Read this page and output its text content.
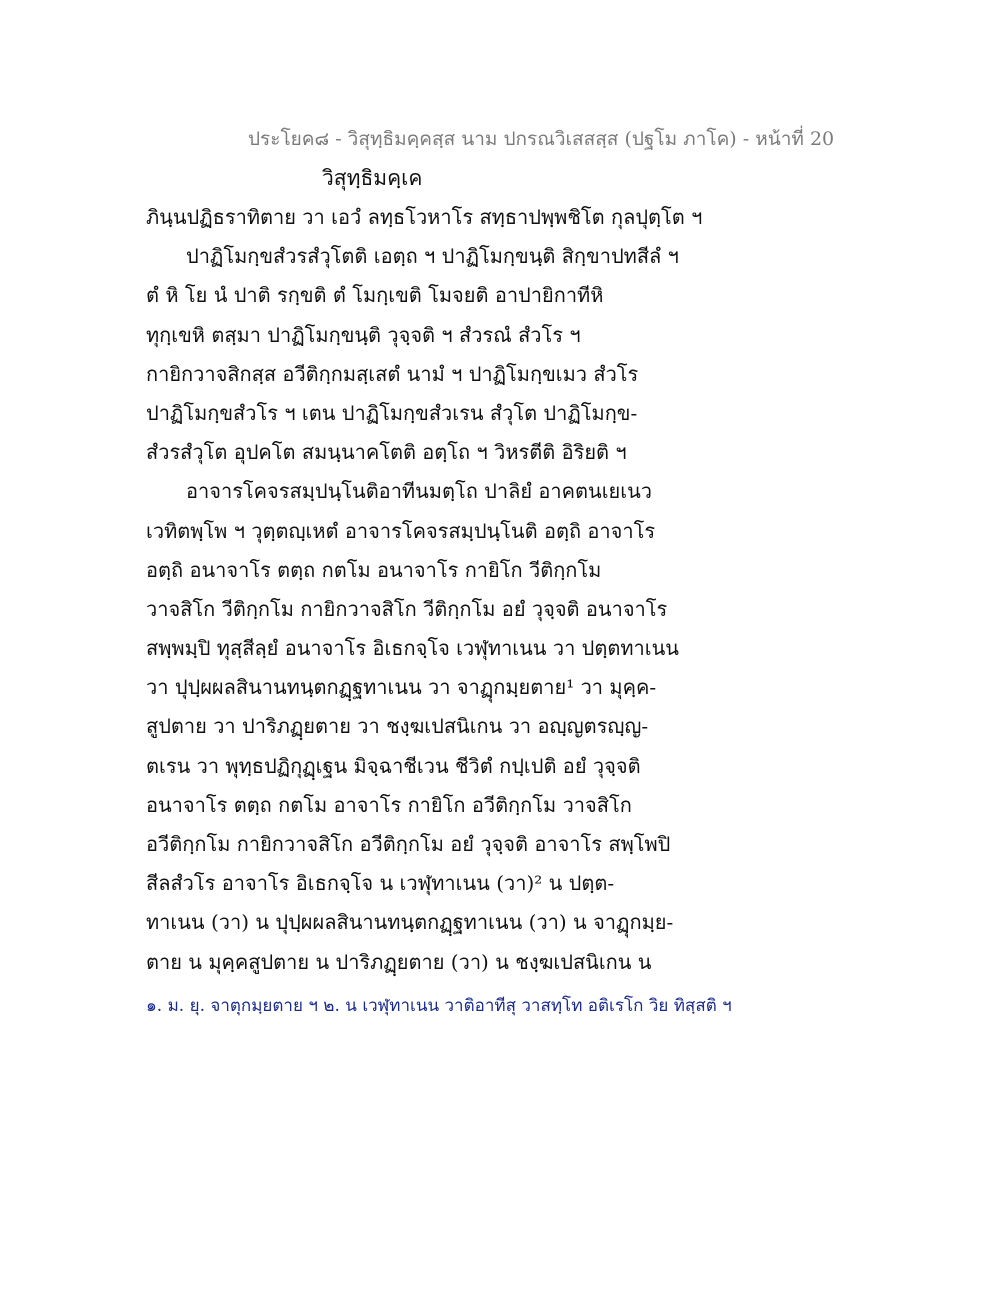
ประโยค๘ - วิสุทฺธิมคฺคสฺส นาม ปกรณวิเสสสฺส (ปฐโม ภาโค) - หน้าที่ 20
วิสุทฺธิมคฺเค
ภินฺนปฏิธราทิตาย วา เอวํ ลทฺธโวหาโร สทฺธาปพฺพชิโต กุลปุตฺโต ฯ
ปาฏิโมกฺขสํวรสํวุโตติ เอตฺถ ฯ ปาฏิโมกฺขนฺติ สิกฺขาปทสีลํ ฯ
ตํ หิ โย นํ ปาติ รกฺขติ ตํ โมกฺเขติ โมจยติ อาปายิกาทีหิ
ทุกฺเขหิ ตสฺมา ปาฏิโมกฺขนฺติ วุจฺจติ ฯ สํวรณํ สํวโร ฯ
กายิกวาจสิกสฺส อวีติกฺกมสฺเสตํ นามํ ฯ ปาฏิโมกฺขเมว สํวโร
ปาฏิโมกฺขสํวโร ฯ เตน ปาฏิโมกฺขสํวเรน สํวุโต ปาฏิโมกฺข-
สํวรสํวุโต อุปคโต สมนฺนาคโตติ อตฺโถ ฯ วิหรตีติ อิริยติ ฯ
อาจารโคจรสมฺปนฺโนติอาทีนมตฺโถ ปาลิยํ อาคตนเยเนว
เวทิตพฺโพ ฯ วุตฺตญฺเหตํ อาจารโคจรสมฺปนฺโนติ อตฺถิ อาจาโร
อตฺถิ อนาจาโร ตตฺถ กตโม อนาจาโร กายิโก วีติกฺกโม
วาจสิโก วีติกฺกโม กายิกวาจสิโก วีติกฺกโม อยํ วุจฺจติ อนาจาโร
สพฺพมฺปิ ทุสฺสีลฺยํ อนาจาโร อิเธกจฺโจ เวฬุทาเนน วา ปตฺตทาเนน
วา ปุปฺผผลสินานทนฺตกฏฺฐทาเนน วา จาฏุกมฺยตาย¹ วา มุคฺค-
สูปตาย วา ปาริภฏฺยตาย วา ชงฺฆเปสนิเกน วา อญฺญตรญฺญ-
ตเรน วา พุทฺธปฏิกุฏฺเฐน มิจฺฉาชีเวน ชีวิตํ กปฺเปติ อยํ วุจฺจติ
อนาจาโร ตตฺถ กตโม อาจาโร กายิโก อวีติกฺกโม วาจสิโก
อวีติกฺกโม กายิกวาจสิโก อวีติกฺกโม อยํ วุจฺจติ อาจาโร สพฺโพปิ
สีลสํวโร อาจาโร อิเธกจฺโจ น เวฬุทาเนน (วา)² น ปตฺต-
ทาเนน (วา) น ปุปฺผผลสินานทนฺตกฏฺฐทาเนน (วา) น จาฏุกมฺย-
ตาย น มุคฺคสูปตาย น ปาริภฏฺยตาย (วา) น ชงฺฆเปสนิเกน น
๑. ม. ยุ. จาตุกมฺยตาย ฯ ๒. น เวฬุทาเนน วาติอาทีสุ วาสทฺโท อติเรโก วิย ทิสฺสติ ฯ
